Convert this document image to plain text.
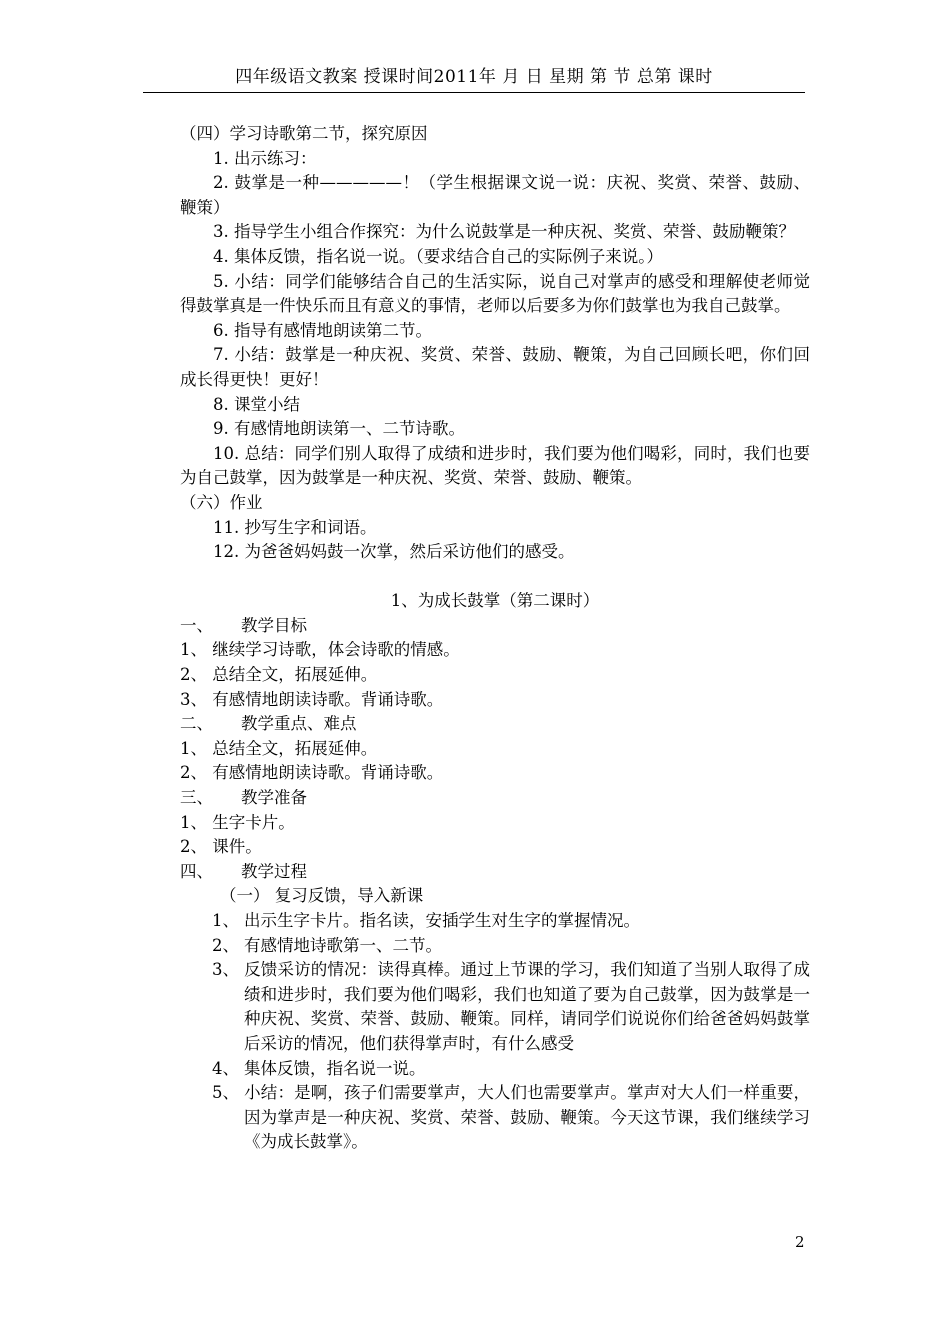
四年级语文教案 授课时间2011年 月 日 星期 第 节 总第 课时

（四）学习诗歌第二节，探究原因

1. 出示练习：

2. 鼓掌是一种—————！（学生根据课文说一说：庆祝、奖赏、荣誉、鼓励、鞭策）

3. 指导学生小组合作探究：为什么说鼓掌是一种庆祝、奖赏、荣誉、鼓励鞭策？

4. 集体反馈，指名说一说。（要求结合自己的实际例子来说。）

5. 小结：同学们能够结合自己的生活实际，说自己对掌声的感受和理解使老师觉得鼓掌真是一件快乐而且有意义的事情，老师以后要多为你们鼓掌也为我自己鼓掌。

6. 指导有感情地朗读第二节。

7. 小结：鼓掌是一种庆祝、奖赏、荣誉、鼓励、鞭策，为自己回顾长吧，你们回成长得更快！更好！

8. 课堂小结

9. 有感情地朗读第一、二节诗歌。

10. 总结：同学们别人取得了成绩和进步时，我们要为他们喝彩，同时，我们也要为自己鼓掌，因为鼓掌是一种庆祝、奖赏、荣誉、鼓励、鞭策。

（六）作业

11. 抄写生字和词语。

12. 为爸爸妈妈鼓一次掌，然后采访他们的感受。

1、为成长鼓掌（第二课时）

一、 教学目标

1、 继续学习诗歌，体会诗歌的情感。

2、 总结全文，拓展延伸。

3、 有感情地朗读诗歌。背诵诗歌。

二、 教学重点、难点

1、 总结全文，拓展延伸。

2、 有感情地朗读诗歌。背诵诗歌。

三、 教学准备

1、 生字卡片。

2、 课件。

四、 教学过程

（一） 复习反馈，导入新课

1、 出示生字卡片。指名读，安插学生对生字的掌握情况。

2、 有感情地诗歌第一、二节。

3、 反馈采访的情况：读得真棒。通过上节课的学习，我们知道了当别人取得了成绩和进步时，我们要为他们喝彩，我们也知道了要为自己鼓掌，因为鼓掌是一种庆祝、奖赏、荣誉、鼓励、鞭策。同样，请同学们说说你们给爸爸妈妈鼓掌后采访的情况，他们获得掌声时，有什么感受

4、 集体反馈，指名说一说。

5、 小结：是啊，孩子们需要掌声，大人们也需要掌声。掌声对大人们一样重要，因为掌声是一种庆祝、奖赏、荣誉、鼓励、鞭策。今天这节课，我们继续学习《为成长鼓掌》。

2
